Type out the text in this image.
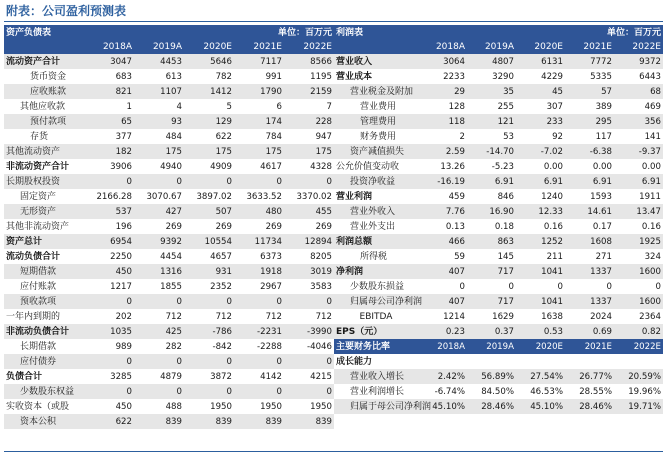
附表：公司盈利预测表
资产负债表			单位：百万元		
	2018A	2019A	2020E	2021E	2022E
流动资产合计	3047	4453	5646	7117	8566
货币资金	683	613	782	991	1195
应收账款	821	1107	1412	1790	2159
其他应收款	1	4	5	6	7
预付款项	65	93	129	174	228
存货	377	484	622	784	947
其他流动资产	182	175	175	175	175
非流动资产合计	3906	4940	4909	4617	4328
长期股权投资	0	0	0	0	0
固定资产	2166.28	3070.67	3897.02	3633.52	3370.02
无形资产	537	427	507	480	455
其他非流动资产	196	269	269	269	269
资产总计	6954	9392	10554	11734	12894
流动负债合计	2250	4454	4657	6373	8205
短期借款	450	1316	931	1918	3019
应付账款	1217	1855	2352	2967	3583
预收款项	0	0	0	0	0
一年内到期的	202	712	712	712	712
非流动负债合计	1035	425	-786	-2231	-3990
长期借款	989	282	-842	-2288	-4046
应付债券	0	0	0	0	0
负债合计	3285	4879	3872	4142	4215
少数股东权益	0	0	0	0	0
实收资本（或股	450	488	1950	1950	1950
资本公积	622	839	839	839	839
利润表			单位：百万元		
	2018A	2019A	2020E	2021E	2022E
营业收入	3064	4807	6131	7772	9372
营业成本	2233	3290	4229	5335	6443
营业税金及附加	29	35	45	57	68
营业费用	128	255	307	389	469
管理费用	118	121	233	295	356
财务费用	2	53	92	117	141
资产减值损失	2.59	-14.70	-7.02	-6.38	-9.37
公允价值变动收	13.26	-5.23	0.00	0.00	0.00
投资净收益	-16.19	6.91	6.91	6.91	6.91
营业利润	459	846	1240	1593	1911
营业外收入	7.76	16.90	12.33	14.61	13.47
营业外支出	0.13	0.18	0.16	0.17	0.16
利润总额	466	863	1252	1608	1925
所得税	59	145	211	271	324
净利润	407	717	1041	1337	1600
少数股东损益	0	0	0	0	0
归属母公司净利润	407	717	1041	1337	1600
EBITDA	1214	1629	1638	2024	2364
EPS（元）	0.23	0.37	0.53	0.69	0.82
主要财务比率	2018A	2019A	2020E	2021E	2022E
成长能力					
营业收入增长	2.42%	56.89%	27.54%	26.77%	20.59%
营业利润增长	-6.74%	84.50%	46.53%	28.55%	19.96%
归属于母公司净利润	45.10%	28.46%	45.10%	28.46%	19.71%
